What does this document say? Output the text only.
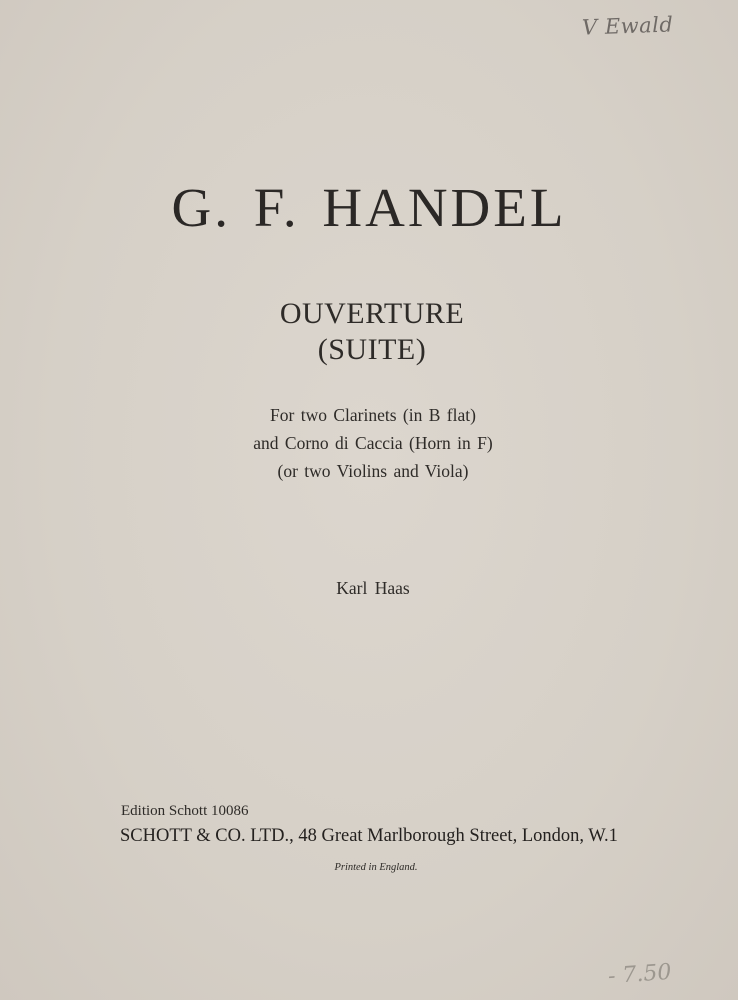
V Ewald
G. F. HANDEL
OUVERTURE
(SUITE)
For two Clarinets (in B flat)
and Corno di Caccia (Horn in F)
(or two Violins and Viola)
Karl Haas
Edition Schott 10086
SCHOTT & CO. LTD., 48 Great Marlborough Street, London, W.1
Printed in England.
- 7.50
